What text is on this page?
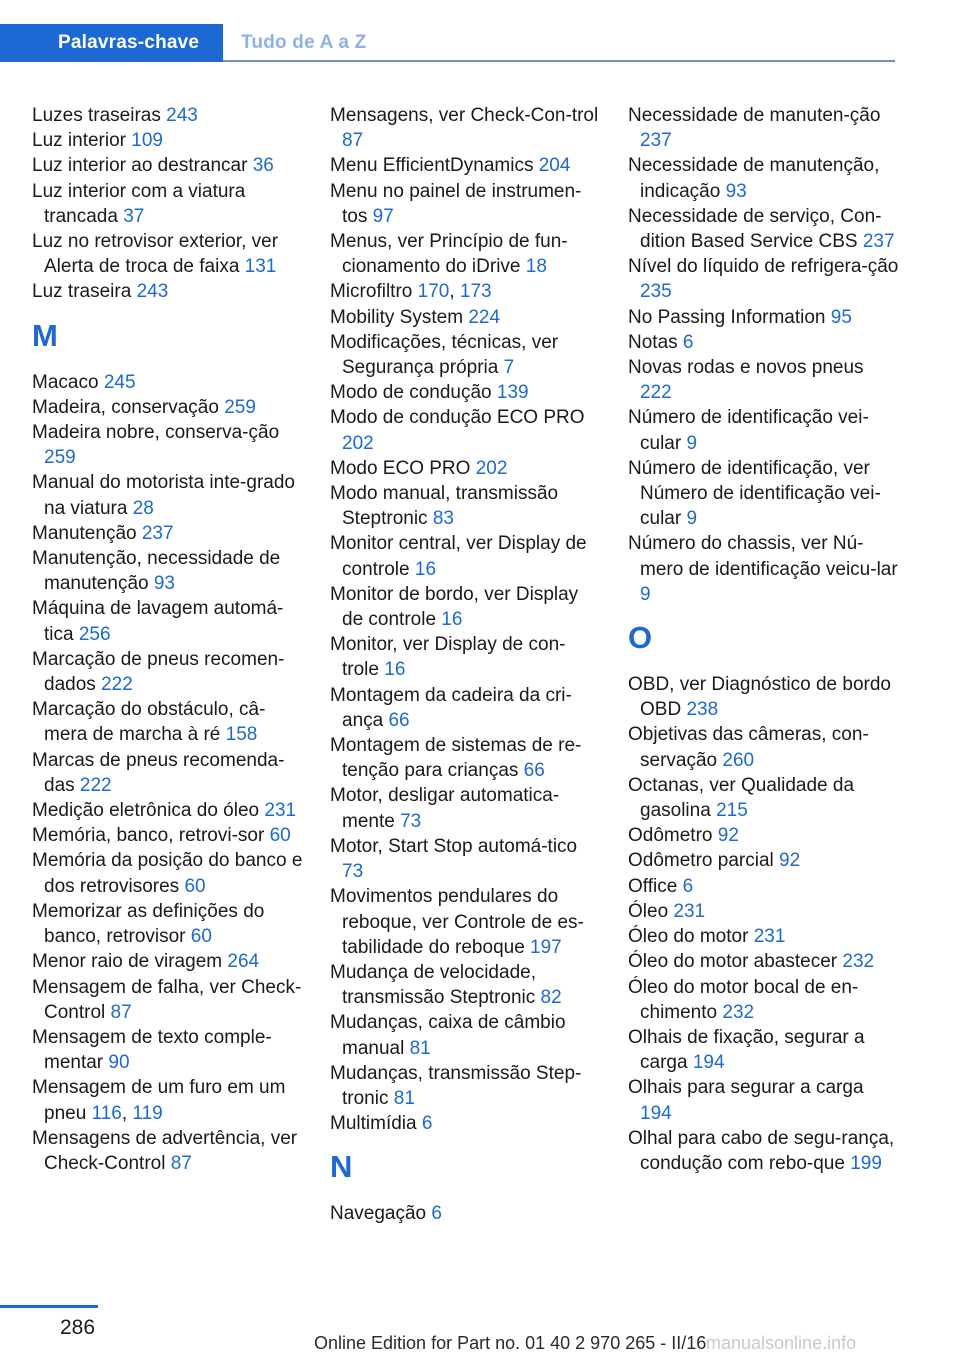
Palavras-chave	Tudo de A a Z
Luzes traseiras 243
Luz interior 109
Luz interior ao destrancar 36
Luz interior com a viatura trancada 37
Luz no retrovisor exterior, ver Alerta de troca de faixa 131
Luz traseira 243
M
Macaco 245
Madeira, conservação 259
Madeira nobre, conserva-ção 259
Manual do motorista inte-grado na viatura 28
Manutenção 237
Manutenção, necessidade de manutenção 93
Máquina de lavagem automá-tica 256
Marcação de pneus recomen-dados 222
Marcação do obstáculo, câ-mera de marcha à ré 158
Marcas de pneus recomenda-das 222
Medição eletrônica do óleo 231
Memória, banco, retrovi-sor 60
Memória da posição do banco e dos retrovisores 60
Memorizar as definições do banco, retrovisor 60
Menor raio de viragem 264
Mensagem de falha, ver Check-Control 87
Mensagem de texto comple-mentar 90
Mensagem de um furo em um pneu 116, 119
Mensagens de advertência, ver Check-Control 87
Mensagens, ver Check-Con-trol 87
Menu EfficientDynamics 204
Menu no painel de instrumen-tos 97
Menus, ver Princípio de fun-cionamento do iDrive 18
Microfiltro 170, 173
Mobility System 224
Modificações, técnicas, ver Segurança própria 7
Modo de condução 139
Modo de condução ECO PRO 202
Modo ECO PRO 202
Modo manual, transmissão Steptronic 83
Monitor central, ver Display de controle 16
Monitor de bordo, ver Display de controle 16
Monitor, ver Display de con-trole 16
Montagem da cadeira da cri-ança 66
Montagem de sistemas de re-tenção para crianças 66
Motor, desligar automatica-mente 73
Motor, Start Stop automá-tico 73
Movimentos pendulares do reboque, ver Controle de es-tabilidade do reboque 197
Mudança de velocidade, transmissão Steptronic 82
Mudanças, caixa de câmbio manual 81
Mudanças, transmissão Step-tronic 81
Multimídia 6
N
Navegação 6
Necessidade de manuten-ção 237
Necessidade de manutenção, indicação 93
Necessidade de serviço, Con-dition Based Service CBS 237
Nível do líquido de refrigera-ção 235
No Passing Information 95
Notas 6
Novas rodas e novos pneus 222
Número de identificação vei-cular 9
Número de identificação, ver Número de identificação vei-cular 9
Número do chassis, ver Nú-mero de identificação veicu-lar 9
O
OBD, ver Diagnóstico de bordo OBD 238
Objetivas das câmeras, con-servação 260
Octanas, ver Qualidade da gasolina 215
Odômetro 92
Odômetro parcial 92
Office 6
Óleo 231
Óleo do motor 231
Óleo do motor abastecer 232
Óleo do motor bocal de en-chimento 232
Olhais de fixação, segurar a carga 194
Olhais para segurar a carga 194
Olhal para cabo de segu-rança, condução com rebo-que 199
286
Online Edition for Part no. 01 40 2 970 265 - II/16 manualsonline.info
